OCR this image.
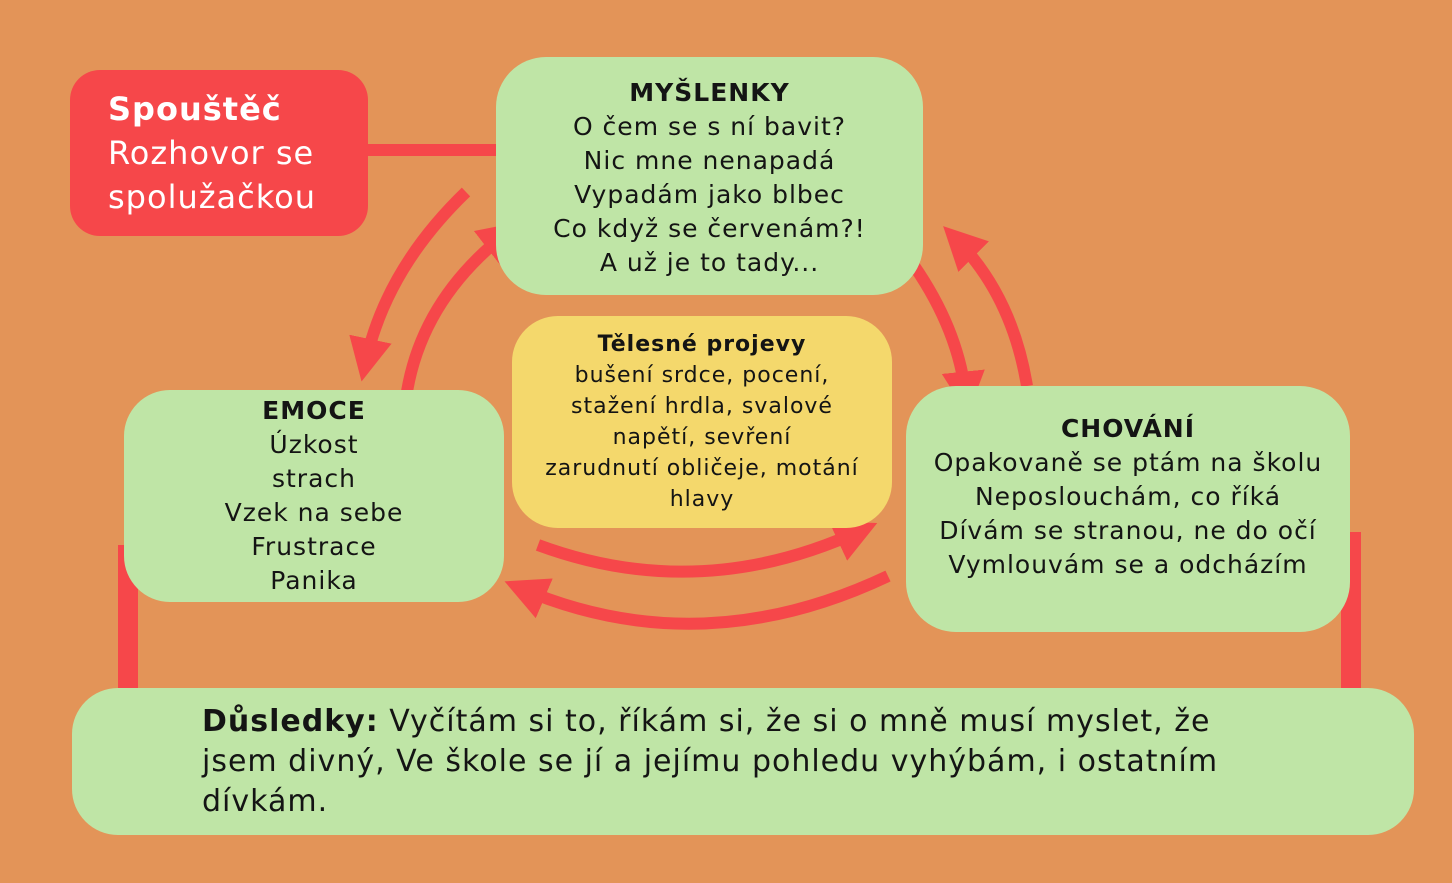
Spouštěč
Rozhovor se
spolužačkou
MYŠLENKY
O čem se s ní bavit?
Nic mne nenapadá
Vypadám jako blbec
Co když se červenám?!
A už je to tady...
EMOCE
Úzkost
strach
Vzek na sebe
Frustrace
Panika
Tělesné projevy
bušení srdce, pocení,
stažení hrdla, svalové
napětí, sevření
zarudnutí obličeje, motání
hlavy
CHOVÁNÍ
Opakovaně se ptám na školu
Neposlouchám, co říká
Dívám se stranou, ne do očí
Vymlouvám se a odcházím
Důsledky: Vyčítám si to, říkám si, že si o mně musí myslet, že jsem divný, Ve škole se jí a jejímu pohledu vyhýbám, i ostatním dívkám.
